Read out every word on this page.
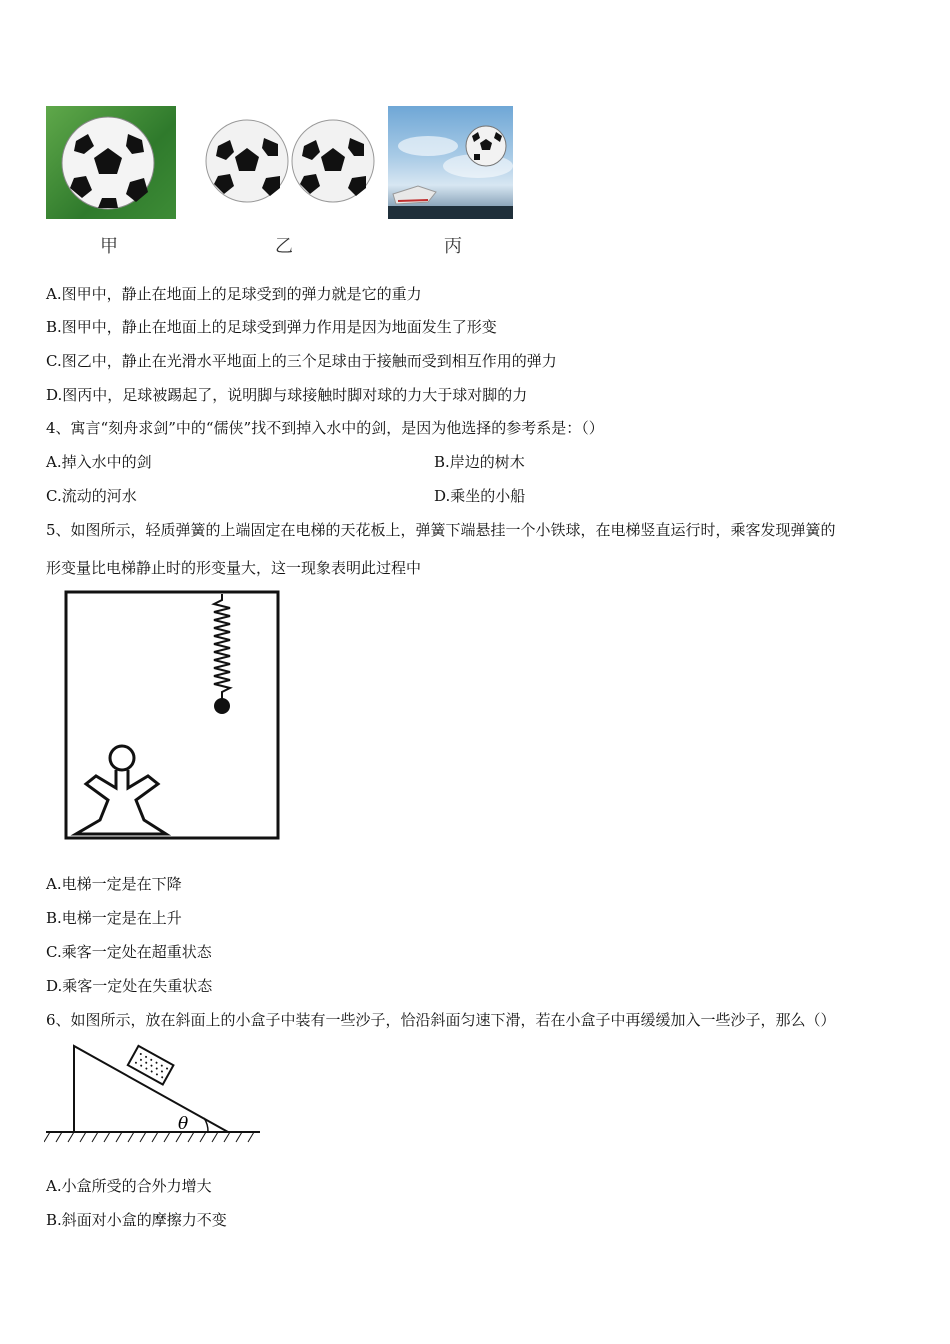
甲	乙	丙
A.图甲中，静止在地面上的足球受到的弹力就是它的重力
B.图甲中，静止在地面上的足球受到弹力作用是因为地面发生了形变
C.图乙中，静止在光滑水平地面上的三个足球由于接触而受到相互作用的弹力
D.图丙中，足球被踢起了，说明脚与球接触时脚对球的力大于球对脚的力
4、寓言“刻舟求剑”中的“儒侠”找不到掉入水中的剑，是因为他选择的参考系是：（）
A.掉入水中的剑	B.岸边的树木
C.流动的河水	D.乘坐的小船
5、如图所示，轻质弹簧的上端固定在电梯的天花板上，弹簧下端悬挂一个小铁球，在电梯竖直运行时，乘客发现弹簧的
形变量比电梯静止时的形变量大，这一现象表明此过程中
A.电梯一定是在下降
B.电梯一定是在上升
C.乘客一定处在超重状态
D.乘客一定处在失重状态
6、如图所示，放在斜面上的小盒子中装有一些沙子，恰沿斜面匀速下滑，若在小盒子中再缓缓加入一些沙子，那么（）
θ
A.小盒所受的合外力增大
B.斜面对小盒的摩擦力不变
